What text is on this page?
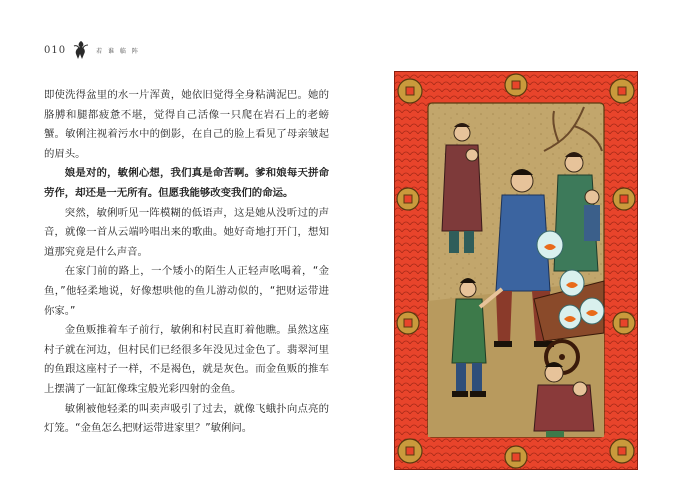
010	若 谁 临 阵

即使洗得盆里的水一片浑黄，她依旧觉得全身粘满泥巴。她的胳膊和腿都疲惫不堪，觉得自己活像一只爬在岩石上的老螃蟹。敏俐注视着污水中的倒影，在自己的脸上看见了母亲皱起的眉头。

娘是对的，敏俐心想，我们真是命苦啊。爹和娘每天拼命劳作，却还是一无所有。但愿我能够改变我们的命运。

突然，敏俐听见一阵模糊的低语声，这是她从没听过的声音，就像一首从云端吟唱出来的歌曲。她好奇地打开门，想知道那究竟是什么声音。

在家门前的路上，一个矮小的陌生人正轻声吆喝着，“金鱼，”他轻柔地说，好像想哄他的鱼儿游动似的，“把财运带进你家。”

金鱼贩推着车子前行，敏俐和村民直盯着他瞧。虽然这座村子就在河边，但村民们已经很多年没见过金色了。翡翠河里的鱼跟这座村子一样，不是褐色，就是灰色。而金鱼贩的推车上摆满了一缸缸像珠宝般光彩四射的金鱼。

敏俐被他轻柔的叫卖声吸引了过去，就像飞蛾扑向点亮的灯笼。“金鱼怎么把财运带进家里？”敏俐问。
